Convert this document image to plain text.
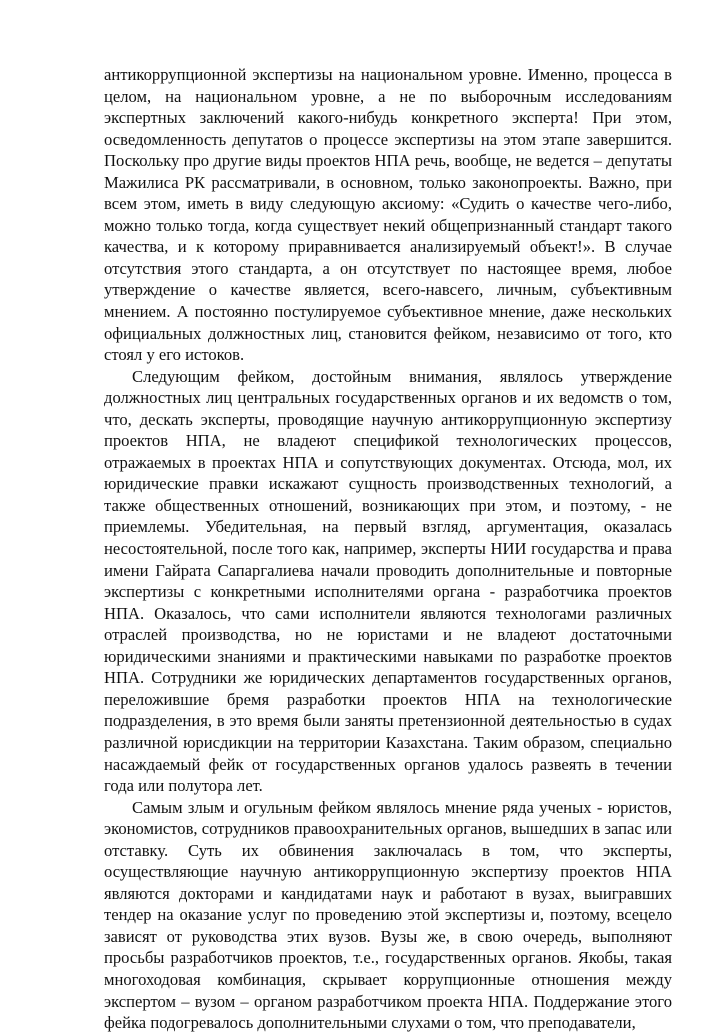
антикоррупционной экспертизы на национальном уровне. Именно, процесса в целом, на национальном уровне, а не по выборочным исследованиям экспертных заключений какого-нибудь конкретного эксперта! При этом, осведомленность депутатов о процессе экспертизы на этом этапе завершится. Поскольку про другие виды проектов НПА речь, вообще, не ведется – депутаты Мажилиса РК рассматривали, в основном, только законопроекты. Важно, при всем этом, иметь в виду следующую аксиому: «Судить о качестве чего-либо, можно только тогда, когда существует некий общепризнанный стандарт такого качества, и к которому приравнивается анализируемый объект!». В случае отсутствия этого стандарта, а он отсутствует по настоящее время, любое утверждение о качестве является, всего-навсего, личным, субъективным мнением. А постоянно постулируемое субъективное мнение, даже нескольких официальных должностных лиц, становится фейком, независимо от того, кто стоял у его истоков.

Следующим фейком, достойным внимания, являлось утверждение должностных лиц центральных государственных органов и их ведомств о том, что, дескать эксперты, проводящие научную антикоррупционную экспертизу проектов НПА, не владеют спецификой технологических процессов, отражаемых в проектах НПА и сопутствующих документах. Отсюда, мол, их юридические правки искажают сущность производственных технологий, а также общественных отношений, возникающих при этом, и поэтому, - не приемлемы. Убедительная, на первый взгляд, аргументация, оказалась несостоятельной, после того как, например, эксперты НИИ государства и права имени Гайрата Сапаргалиева начали проводить дополнительные и повторные экспертизы с конкретными исполнителями органа - разработчика проектов НПА. Оказалось, что сами исполнители являются технологами различных отраслей производства, но не юристами и не владеют достаточными юридическими знаниями и практическими навыками по разработке проектов НПА. Сотрудники же юридических департаментов государственных органов, переложившие бремя разработки проектов НПА на технологические подразделения, в это время были заняты претензионной деятельностью в судах различной юрисдикции на территории Казахстана. Таким образом, специально насаждаемый фейк от государственных органов удалось развеять в течении года или полутора лет.

Самым злым и огульным фейком являлось мнение ряда ученых - юристов, экономистов, сотрудников правоохранительных органов, вышедших в запас или отставку. Суть их обвинения заключалась в том, что эксперты, осуществляющие научную антикоррупционную экспертизу проектов НПА являются докторами и кандидатами наук и работают в вузах, выигравших тендер на оказание услуг по проведению этой экспертизы и, поэтому, всецело зависят от руководства этих вузов. Вузы же, в свою очередь, выполняют просьбы разработчиков проектов, т.е., государственных органов. Якобы, такая многоходовая комбинация, скрывает коррупционные отношения между экспертом – вузом – органом разработчиком проекта НПА. Поддержание этого фейка подогревалось дополнительными слухами о том, что преподаватели,
